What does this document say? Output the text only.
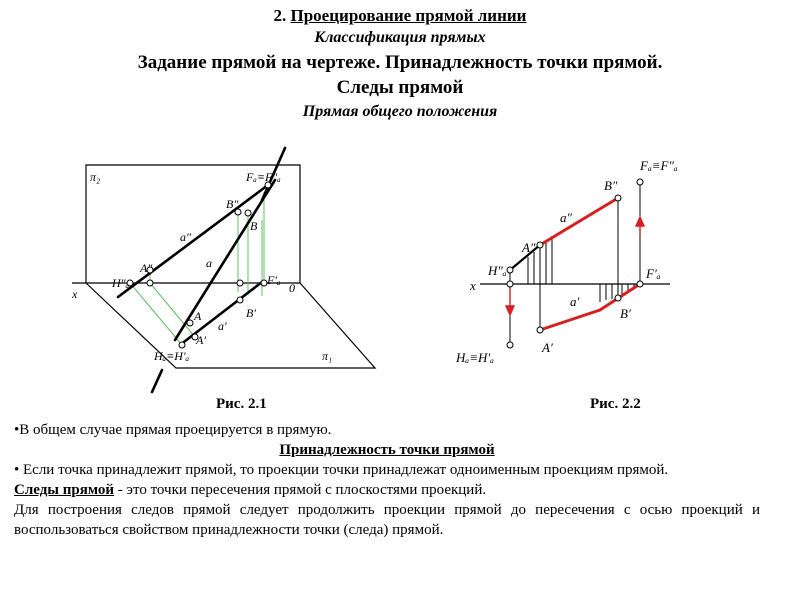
2. Проецирование прямой линии
Классификация прямых
Задание прямой на чертеже. Принадлежность точки прямой.
Следы прямой
Прямая общего положения
π₂
π₁
x	0
Fₐ≡F″ₐ
B″
B
a″
a
A″
H″ₐ	F′ₐ
B′
A
a′
A′
Hₐ≡H′ₐ
Fₐ≡F″ₐ
B″
a″
A″
H″ₐ
x
F′ₐ
a′
B′
A′
Hₐ≡H′ₐ
Рис. 2.1	Рис. 2.2

•В общем случае прямая проецируется в прямую.

Принадлежность точки прямой

• Если точка принадлежит прямой, то проекции точки принадлежат одноименным проекциям прямой.

Следы прямой - это точки пересечения прямой с плоскостями проекций.

Для построения следов прямой следует продолжить проекции прямой до пересечения с осью проекций и воспользоваться свойством принадлежности точки (следа) прямой.
